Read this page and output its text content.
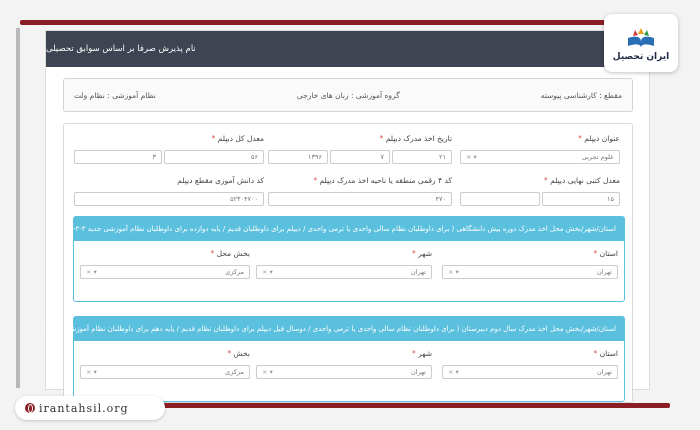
نام پذیرش صرفا بر اساس سوابق تحصیلی
مقطع : کارشناسی پیوسته
گروه آموزشی : زبان های خارجی
نظام آموزشی : نظام ولت
عنوان دیپلم *
تاریخ اخذ مدرک دیپلم *
معدل کل دیپلم *
علوم تجربی
× ▾
۲۱
۷
۱۳۹۶
۵۶
۳
معدل کتبی نهایی دیپلم *
کد ۴ رقمی منطقه یا ناحیه اخذ مدرک دیپلم *
کد دانش آموزی مقطع دیپلم
۱۵
۴۷۰
۵۲۳۰۴۷۰۰
استان/شهر/بخش محل اخذ مدرک دوره پیش دانشگاهی ( برای داوطلبان نظام سالی واحدی یا ترمی واحدی / دیپلم برای داوطلبان قدیم / پایه دوازده برای داوطلبان نظام آموزشی جدید ۳-۳-۶)
استان *
شهر *
بخش محل *
تهران
× ▾
تهران
× ▾
مرکزی
× ▾
استان/شهر/بخش محل اخذ مدرک سال دوم دبیرستان ( برای داوطلبان نظام سالی واحدی یا ترمی واحدی / دوسال قبل دیپلم برای داوطلبان نظام قدیم / پایه دهم برای داوطلبان نظام آموزشی ۳-۳-۶)
استان *
شهر *
بخش *
تهران
× ▾
تهران
× ▾
مرکزی
× ▾
ایران تحصیل
irantahsil.org
